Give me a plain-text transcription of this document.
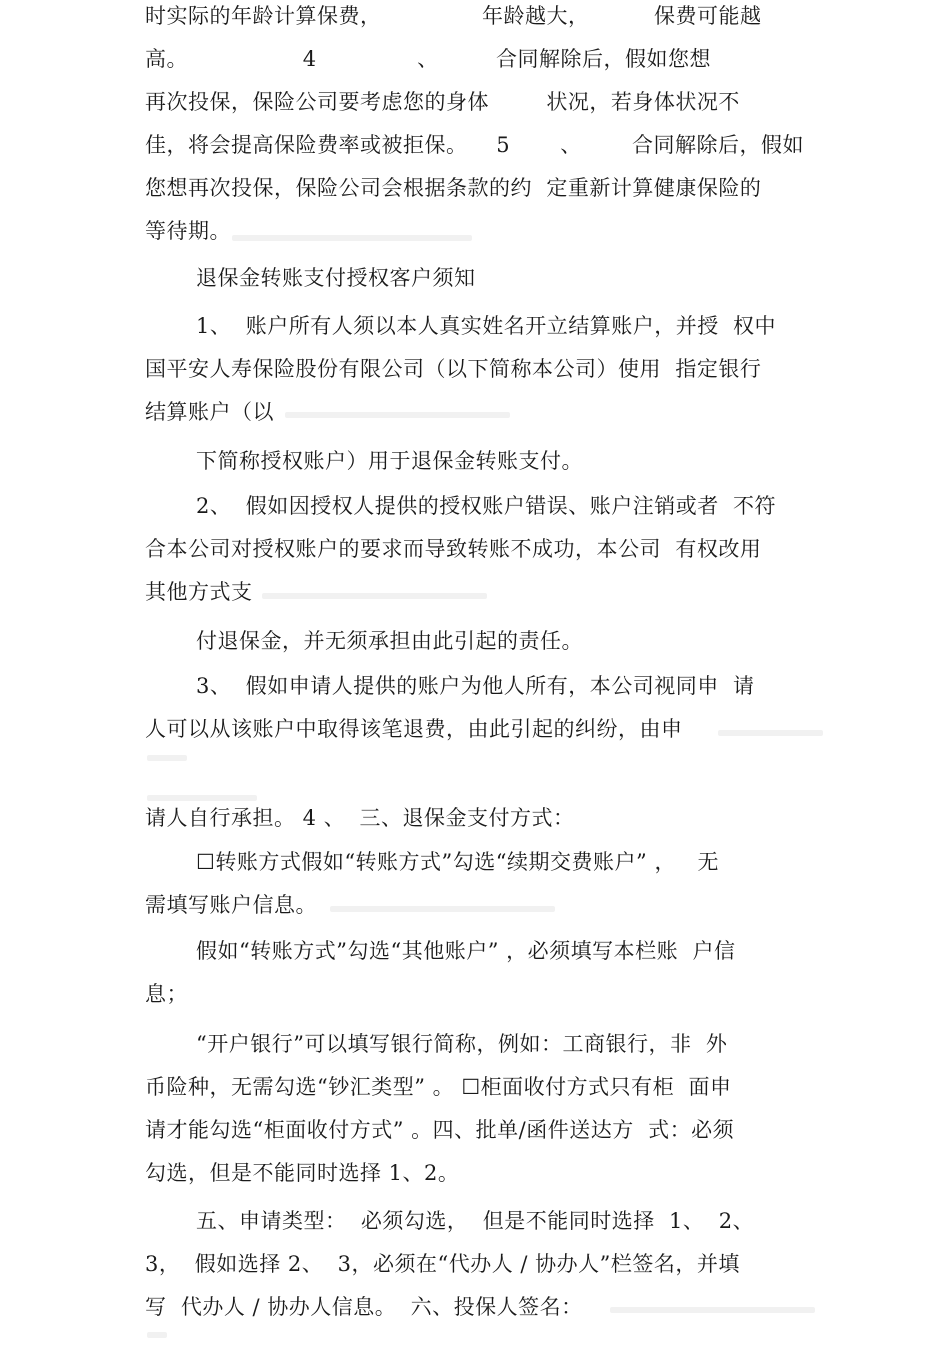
时实际的年龄计算保费，              年龄越大，         保费可能越
高。                4              、        合同解除后，假如您想
再次投保，保险公司要考虑您的身体        状况，若身体状况不
佳，将会提高保险费率或被拒保。    5       、       合同解除后，假如
您想再次投保，保险公司会根据条款的约  定重新计算健康保险的
等待期。
退保金转账支付授权客户须知
1、  账户所有人须以本人真实姓名开立结算账户，并授  权中
国平安人寿保险股份有限公司（以下简称本公司）使用  指定银行
结算账户（以
下简称授权账户）用于退保金转账支付。
2、  假如因授权人提供的授权账户错误、账户注销或者  不符
合本公司对授权账户的要求而导致转账不成功，本公司  有权改用
其他方式支
付退保金，并无须承担由此引起的责任。
3、  假如申请人提供的账户为他人所有，本公司视同申  请
人可以从该账户中取得该笔退费，由此引起的纠纷，由申
请人自行承担。 4 、  三、退保金支付方式：
☐转账方式假如“转账方式”勾选“续期交费账户” ，   无
需填写账户信息。
假如“转账方式”勾选“其他账户” ，必须填写本栏账  户信
息；
“开户银行”可以填写银行简称，例如：工商银行，非  外
币险种，无需勾选“钞汇类型” 。 ☐柜面收付方式只有柜  面申
请才能勾选“柜面收付方式” 。四、批单/函件送达方  式：必须
勾选，但是不能同时选择 1、2。
五、申请类型：  必须勾选，  但是不能同时选择  1、  2、
3，  假如选择 2、  3，必须在“代办人 / 协办人”栏签名，并填
写  代办人 / 协办人信息。  六、投保人签名：
